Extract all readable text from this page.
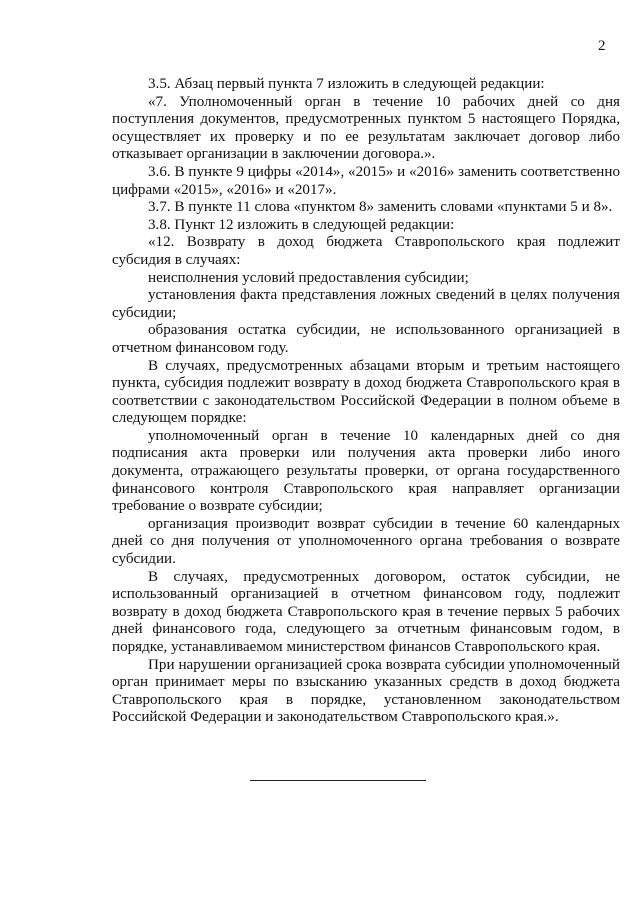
2

3.5. Абзац первый пункта 7 изложить в следующей редакции:

«7. Уполномоченный орган в течение 10 рабочих дней со дня поступления документов, предусмотренных пунктом 5 настоящего Порядка, осуществляет их проверку и по ее результатам заключает договор либо отказывает организации в заключении договора.».

3.6. В пункте 9 цифры «2014», «2015» и «2016» заменить соответственно цифрами «2015», «2016» и «2017».

3.7. В пункте 11 слова «пунктом 8» заменить словами «пунктами 5 и 8».

3.8. Пункт 12 изложить в следующей редакции:

«12. Возврату в доход бюджета Ставропольского края подлежит субсидия в случаях:

неисполнения условий предоставления субсидии;

установления факта представления ложных сведений в целях получения субсидии;

образования остатка субсидии, не использованного организацией в отчетном финансовом году.

В случаях, предусмотренных абзацами вторым и третьим настоящего пункта, субсидия подлежит возврату в доход бюджета Ставропольского края в соответствии с законодательством Российской Федерации в полном объеме в следующем порядке:

уполномоченный орган в течение 10 календарных дней со дня подписания акта проверки или получения акта проверки либо иного документа, отражающего результаты проверки, от органа государственного финансового контроля Ставропольского края направляет организации требование о возврате субсидии;

организация производит возврат субсидии в течение 60 календарных дней со дня получения от уполномоченного органа требования о возврате субсидии.

В случаях, предусмотренных договором, остаток субсидии, не использованный организацией в отчетном финансовом году, подлежит возврату в доход бюджета Ставропольского края в течение первых 5 рабочих дней финансового года, следующего за отчетным финансовым годом, в порядке, устанавливаемом министерством финансов Ставропольского края.

При нарушении организацией срока возврата субсидии уполномоченный орган принимает меры по взысканию указанных средств в доход бюджета Ставропольского края в порядке, установленном законодательством Российской Федерации и законодательством Ставропольского края.».
